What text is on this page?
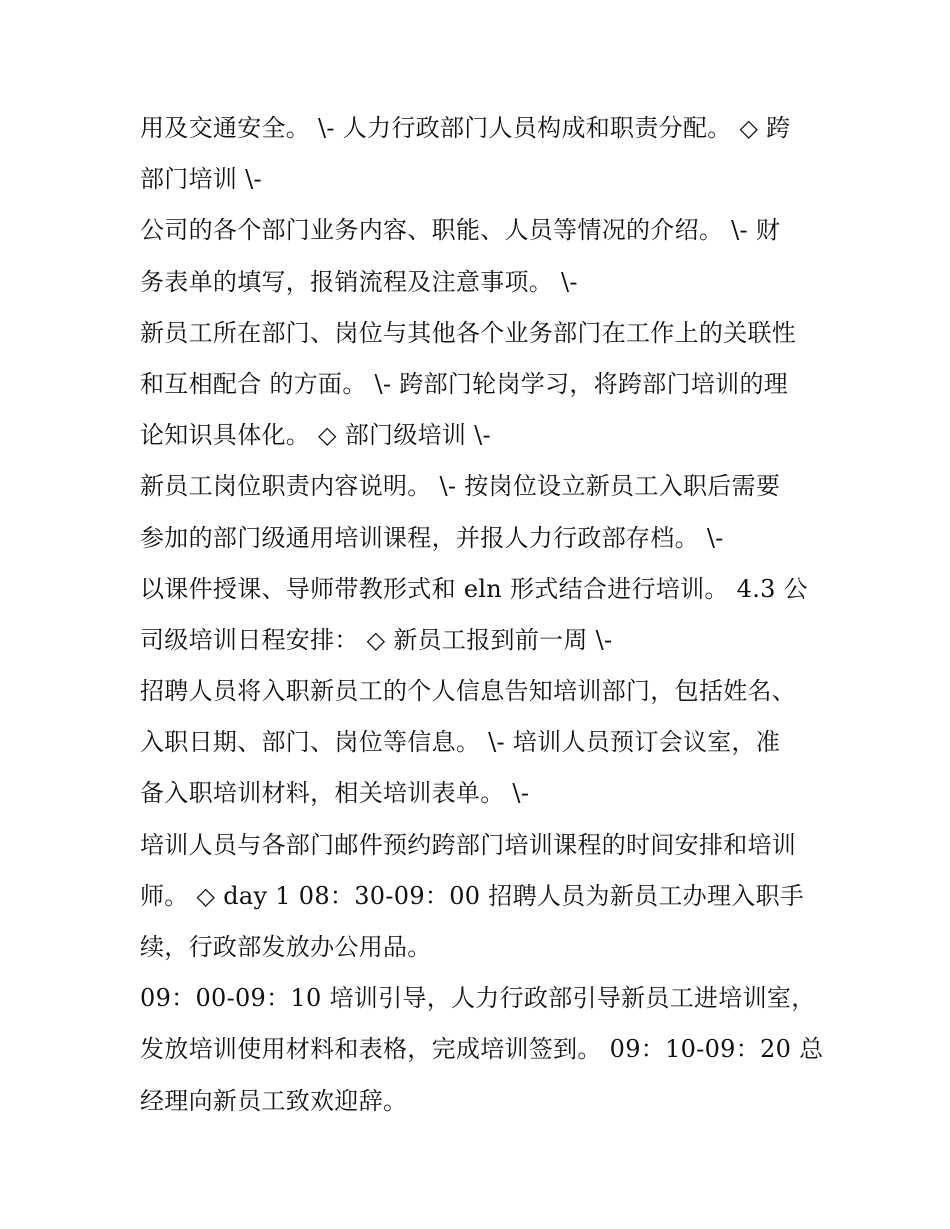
用及交通安全。 \- 人力行政部门人员构成和职责分配。 ◇ 跨
部门培训 \-
公司的各个部门业务内容、职能、人员等情况的介绍。 \- 财
务表单的填写，报销流程及注意事项。 \-
新员工所在部门、岗位与其他各个业务部门在工作上的关联性
和互相配合 的方面。 \- 跨部门轮岗学习，将跨部门培训的理
论知识具体化。 ◇ 部门级培训 \-
新员工岗位职责内容说明。 \- 按岗位设立新员工入职后需要
参加的部门级通用培训课程，并报人力行政部存档。 \-
以课件授课、导师带教形式和 eln 形式结合进行培训。 4.3 公
司级培训日程安排： ◇ 新员工报到前一周 \-
招聘人员将入职新员工的个人信息告知培训部门，包括姓名、
入职日期、部门、岗位等信息。 \- 培训人员预订会议室，准
备入职培训材料，相关培训表单。 \-
培训人员与各部门邮件预约跨部门培训课程的时间安排和培训
师。 ◇ day 1 08：30-09：00 招聘人员为新员工办理入职手
续，行政部发放办公用品。
09：00-09：10 培训引导，人力行政部引导新员工进培训室，
发放培训使用材料和表格，完成培训签到。 09：10-09：20 总
经理向新员工致欢迎辞。
